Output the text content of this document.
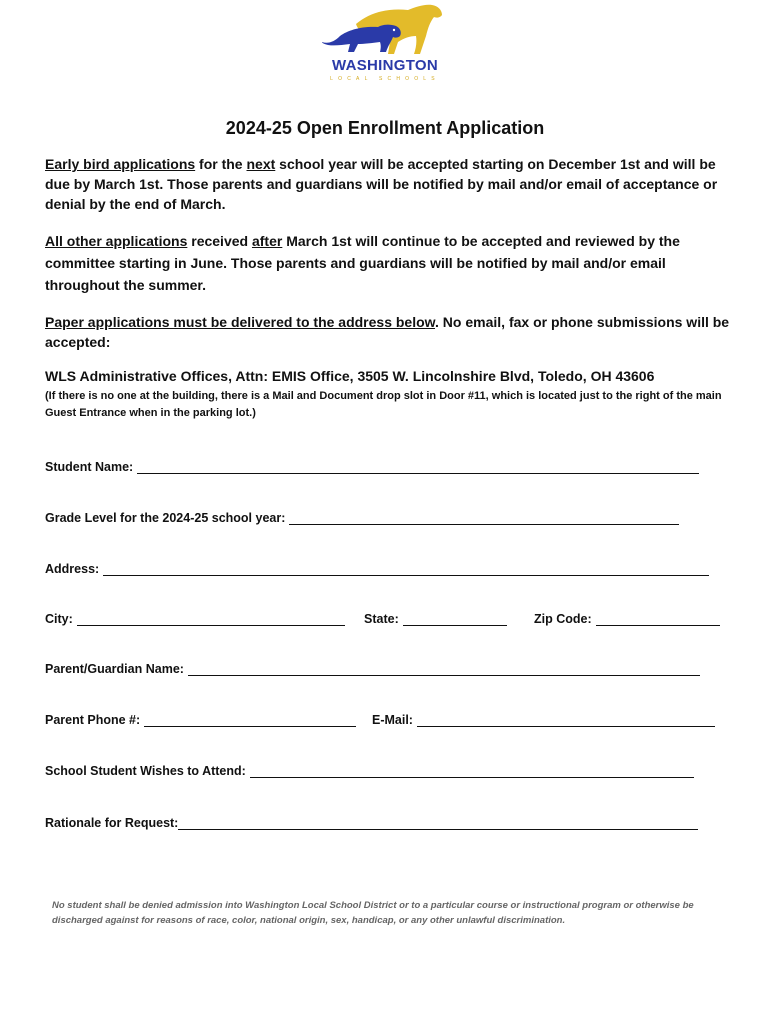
WASHINGTON
LOCAL SCHOOLS
2024-25 Open Enrollment Application
Early bird applications for the next school year will be accepted starting on December 1st and will be due by March 1st. Those parents and guardians will be notified by mail and/or email of acceptance or denial by the end of March.
All other applications received after March 1st will continue to be accepted and reviewed by the committee starting in June. Those parents and guardians will be notified by mail and/or email throughout the summer.
Paper applications must be delivered to the address below. No email, fax or phone submissions will be accepted:
WLS Administrative Offices, Attn: EMIS Office, 3505 W. Lincolnshire Blvd, Toledo, OH 43606
(If there is no one at the building, there is a Mail and Document drop slot in Door #11, which is located just to the right of the main Guest Entrance when in the parking lot.)
Student Name:
Grade Level for the 2024-25 school year:
Address:
City:	State:	Zip Code:
Parent/Guardian Name:
Parent Phone #:	E-Mail:
School Student Wishes to Attend:
Rationale for Request:
No student shall be denied admission into Washington Local School District or to a particular course or instructional program or otherwise be discharged against for reasons of race, color, national origin, sex, handicap, or any other unlawful discrimination.
